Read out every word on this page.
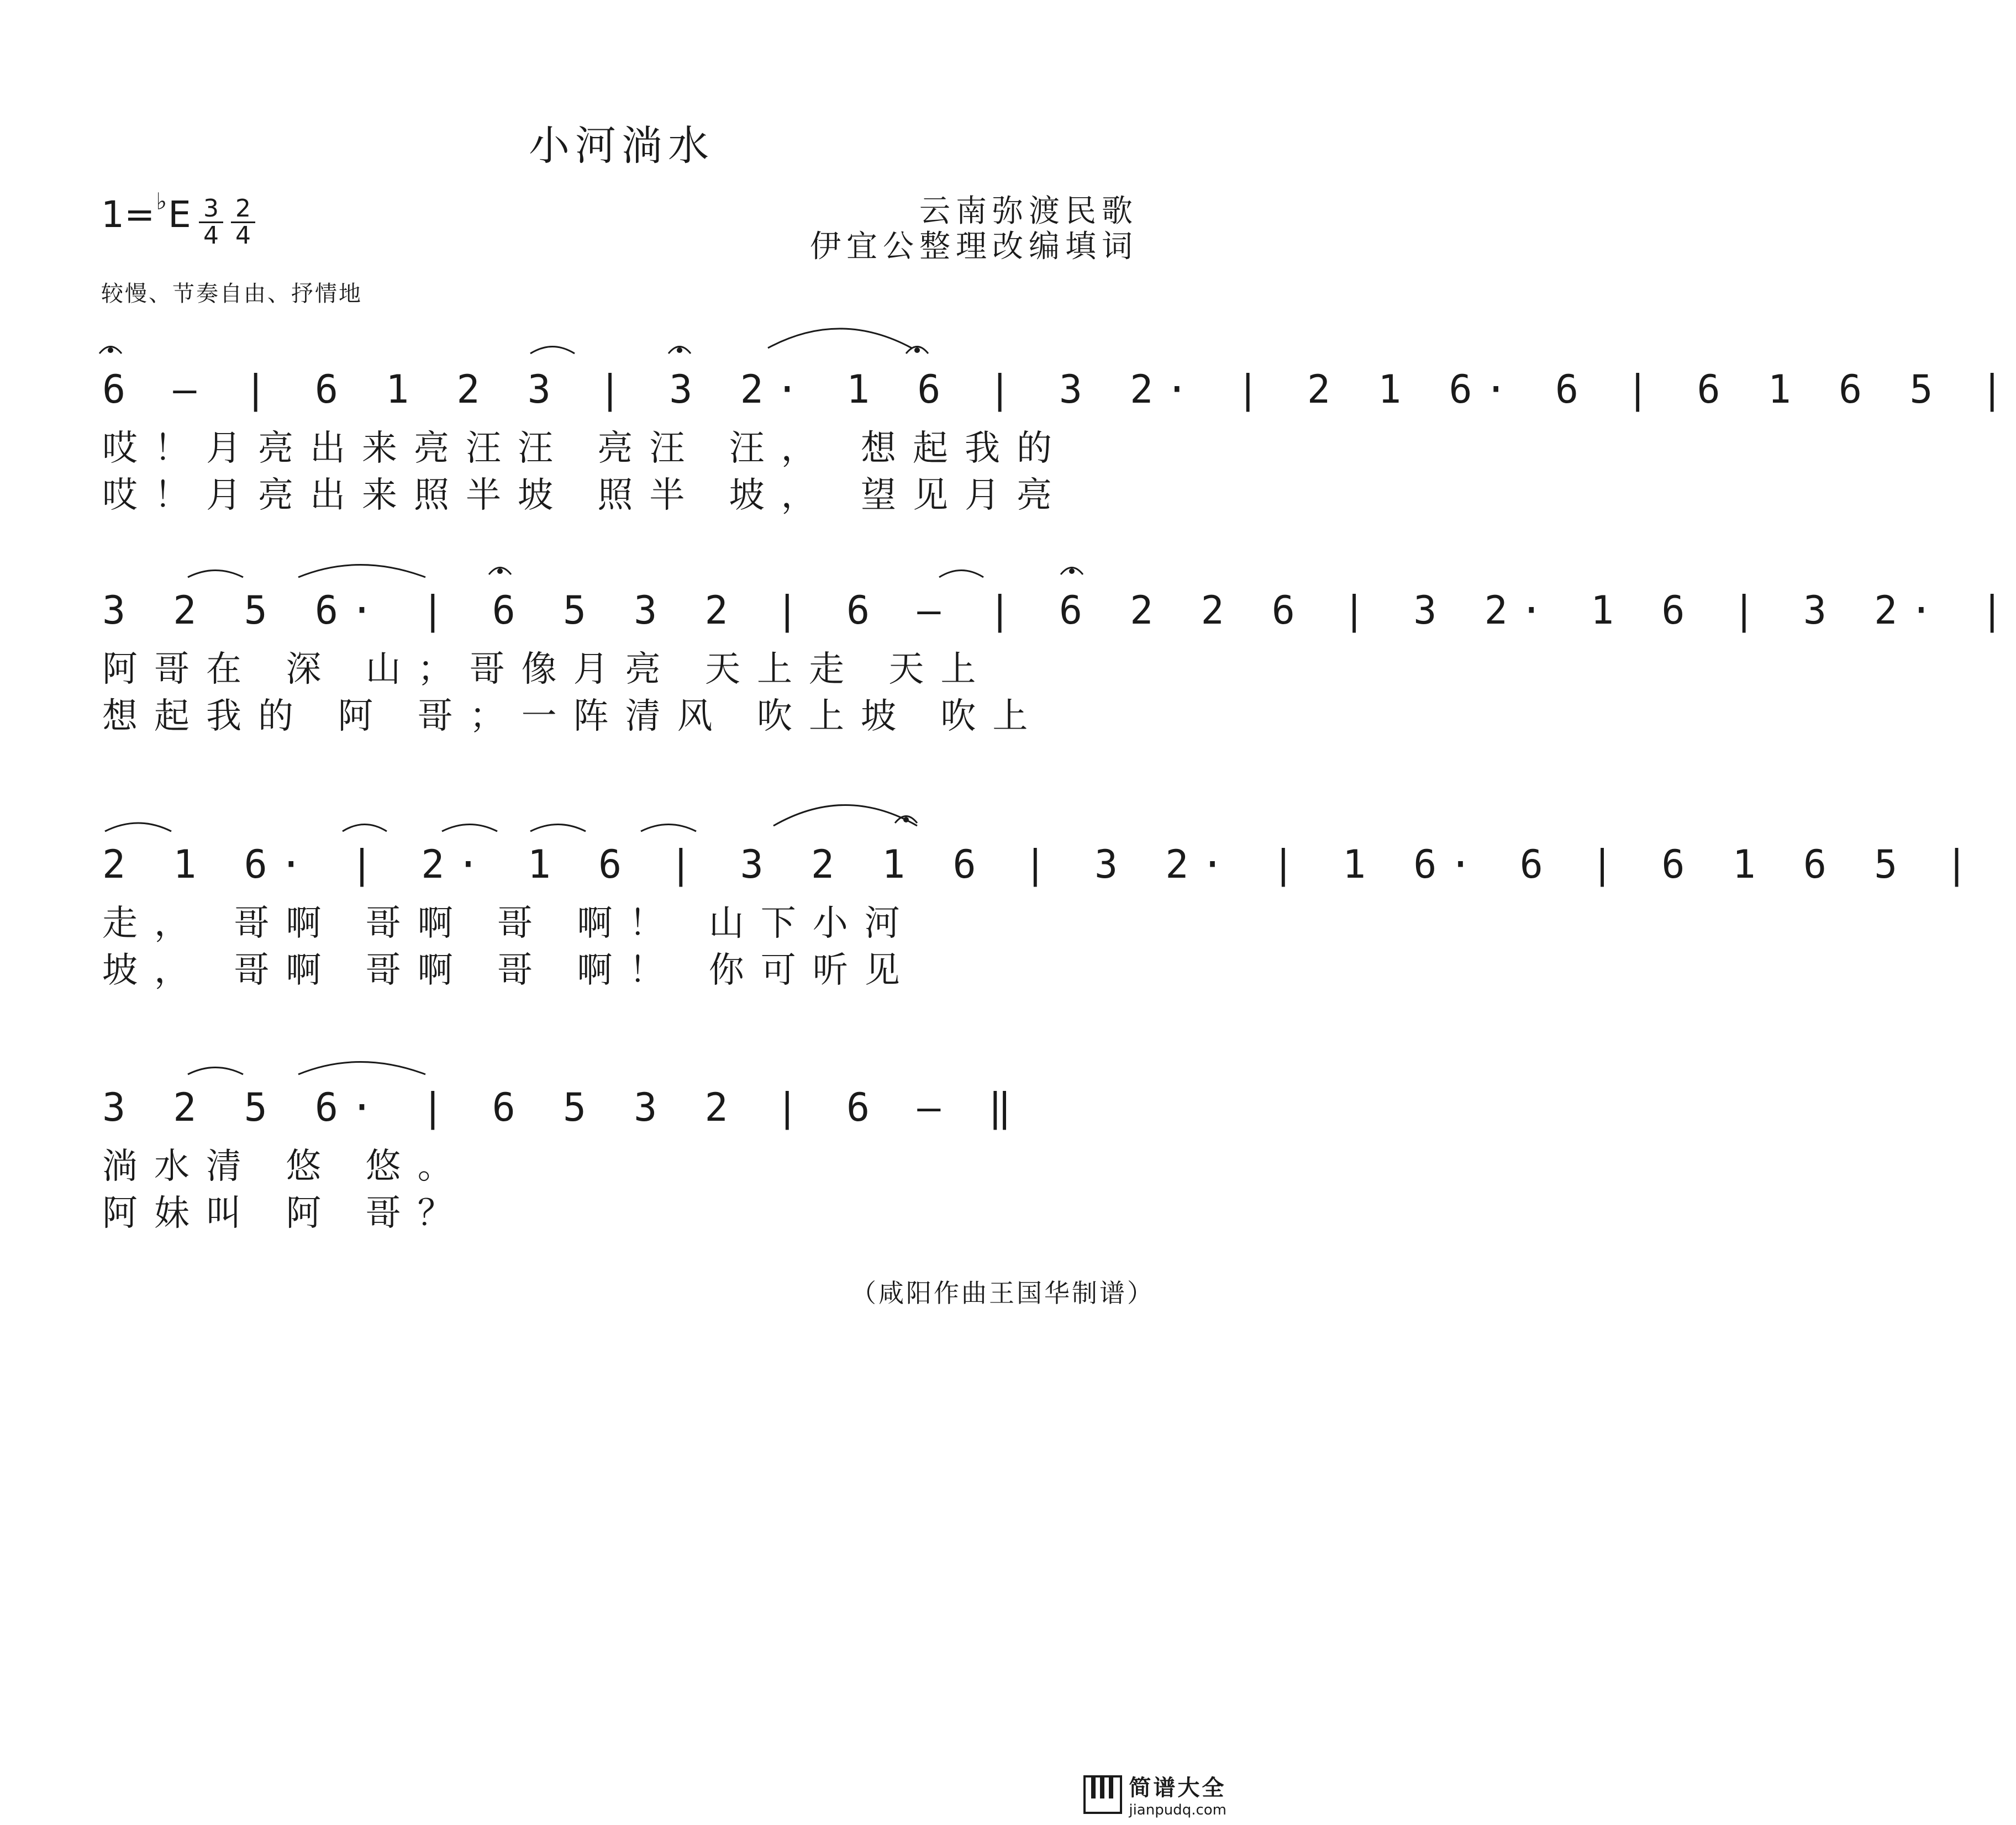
小河淌水
$1=^♭E \frac{3}{4} \frac{2}{4}$	云南弥渡民歌
伊宜公整理改编填词
较慢、节奏自由、抒情地
6 – | 6 1 2 3 | 3 2· 1 6 | 3 2· | 2 1 6· 6 | 6 1 6 5 |
哎！月亮出来亮汪汪 亮汪 汪， 想起我的
哎！月亮出来照半坡 照半 坡， 望见月亮
3 2 5 6· | 6 5 3 2 | 6 – | 6 2 2 6 | 3 2· 1 6 | 3 2· |
阿哥在 深 山；哥像月亮 天上走 天上
想起我的 阿 哥；一阵清风 吹上坡 吹上
2 1 6· | 2· 1 6 | 3 2 1 6 | 3 2· | 1 6· 6 | 6 1 6 5 |
走， 哥啊 哥啊 哥 啊！ 山下小河
坡， 哥啊 哥啊 哥 啊！ 你可听见
3 2 5 6· | 6 5 3 2 | 6 – ‖
淌水清 悠 悠。
阿妹叫 阿 哥？
（咸阳作曲王国华制谱）
简谱大全
jianpudq.com
